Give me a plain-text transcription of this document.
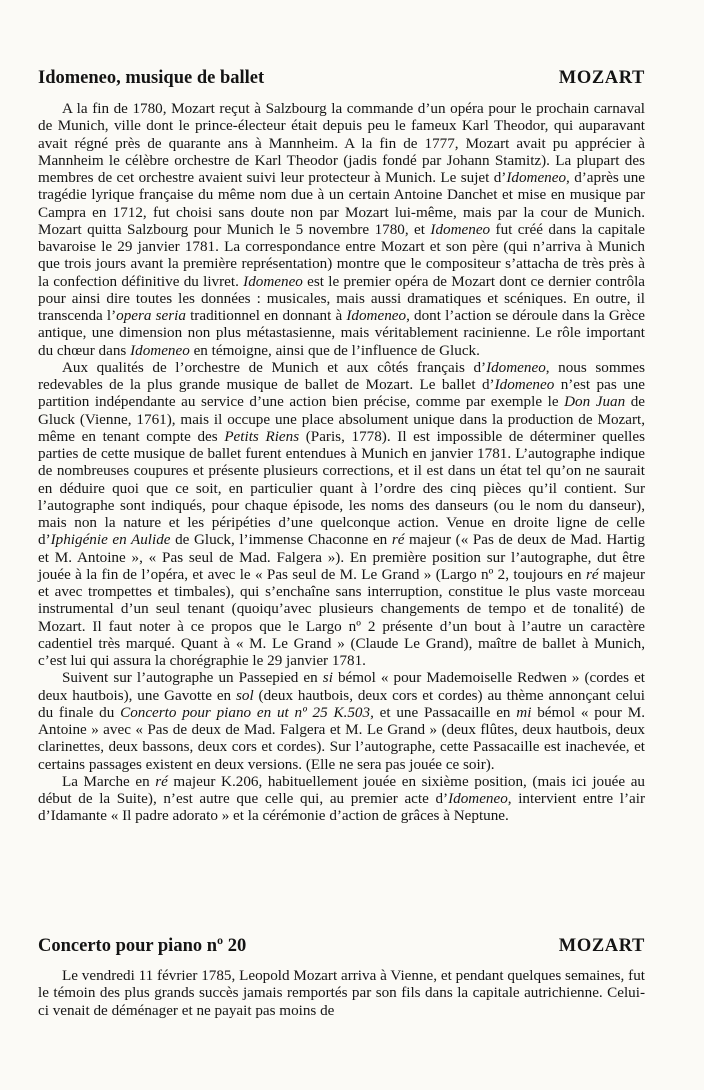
Idomeneo, musique de ballet	MOZART

A la fin de 1780, Mozart reçut à Salzbourg la commande d’un opéra pour le prochain carnaval de Munich, ville dont le prince-électeur était depuis peu le fameux Karl Theodor, qui auparavant avait régné près de quarante ans à Mannheim. A la fin de 1777, Mozart avait pu apprécier à Mannheim le célèbre orchestre de Karl Theodor (jadis fondé par Johann Stamitz). La plupart des membres de cet orchestre avaient suivi leur protecteur à Munich. Le sujet d’Idomeneo, d’après une tragédie lyrique française du même nom due à un certain Antoine Danchet et mise en musique par Campra en 1712, fut choisi sans doute non par Mozart lui-même, mais par la cour de Munich. Mozart quitta Salzbourg pour Munich le 5 novembre 1780, et Idomeneo fut créé dans la capitale bavaroise le 29 janvier 1781. La correspondance entre Mozart et son père (qui n’arriva à Munich que trois jours avant la première représentation) montre que le compositeur s’attacha de très près à la confection définitive du livret. Idomeneo est le premier opéra de Mozart dont ce dernier contrôla pour ainsi dire toutes les données : musicales, mais aussi dramatiques et scéniques. En outre, il transcenda l’opera seria traditionnel en donnant à Idomeneo, dont l’action se déroule dans la Grèce antique, une dimension non plus métastasienne, mais véritablement racinienne. Le rôle important du chœur dans Idomeneo en témoigne, ainsi que de l’influence de Gluck.

Aux qualités de l’orchestre de Munich et aux côtés français d’Idomeneo, nous sommes redevables de la plus grande musique de ballet de Mozart. Le ballet d’Idomeneo n’est pas une partition indépendante au service d’une action bien précise, comme par exemple le Don Juan de Gluck (Vienne, 1761), mais il occupe une place absolument unique dans la production de Mozart, même en tenant compte des Petits Riens (Paris, 1778). Il est impossible de déterminer quelles parties de cette musique de ballet furent entendues à Munich en janvier 1781. L’autographe indique de nombreuses coupures et présente plusieurs corrections, et il est dans un état tel qu’on ne saurait en déduire quoi que ce soit, en particulier quant à l’ordre des cinq pièces qu’il contient. Sur l’autographe sont indiqués, pour chaque épisode, les noms des danseurs (ou le nom du danseur), mais non la nature et les péripéties d’une quelconque action. Venue en droite ligne de celle d’Iphigénie en Aulide de Gluck, l’immense Chaconne en ré majeur (« Pas de deux de Mad. Hartig et M. Antoine », « Pas seul de Mad. Falgera »). En première position sur l’autographe, dut être jouée à la fin de l’opéra, et avec le « Pas seul de M. Le Grand » (Largo nº 2, toujours en ré majeur et avec trompettes et timbales), qui s’enchaîne sans interruption, constitue le plus vaste morceau instrumental d’un seul tenant (quoiqu’avec plusieurs changements de tempo et de tonalité) de Mozart. Il faut noter à ce propos que le Largo nº 2 présente d’un bout à l’autre un caractère cadentiel très marqué. Quant à « M. Le Grand » (Claude Le Grand), maître de ballet à Munich, c’est lui qui assura la chorégraphie le 29 janvier 1781.

Suivent sur l’autographe un Passepied en si bémol « pour Mademoiselle Redwen » (cordes et deux hautbois), une Gavotte en sol (deux hautbois, deux cors et cordes) au thème annonçant celui du finale du Concerto pour piano en ut nº 25 K.503, et une Passacaille en mi bémol « pour M. Antoine » avec « Pas de deux de Mad. Falgera et M. Le Grand » (deux flûtes, deux hautbois, deux clarinettes, deux bassons, deux cors et cordes). Sur l’autographe, cette Passacaille est inachevée, et certains passages existent en deux versions. (Elle ne sera pas jouée ce soir).

La Marche en ré majeur K.206, habituellement jouée en sixième position, (mais ici jouée au début de la Suite), n’est autre que celle qui, au premier acte d’Idomeneo, intervient entre l’air d’Idamante « Il padre adorato » et la cérémonie d’action de grâces à Neptune.

Concerto pour piano nº 20	MOZART

Le vendredi 11 février 1785, Leopold Mozart arriva à Vienne, et pendant quelques semaines, fut le témoin des plus grands succès jamais remportés par son fils dans la capitale autrichienne. Celui-ci venait de déménager et ne payait pas moins de
